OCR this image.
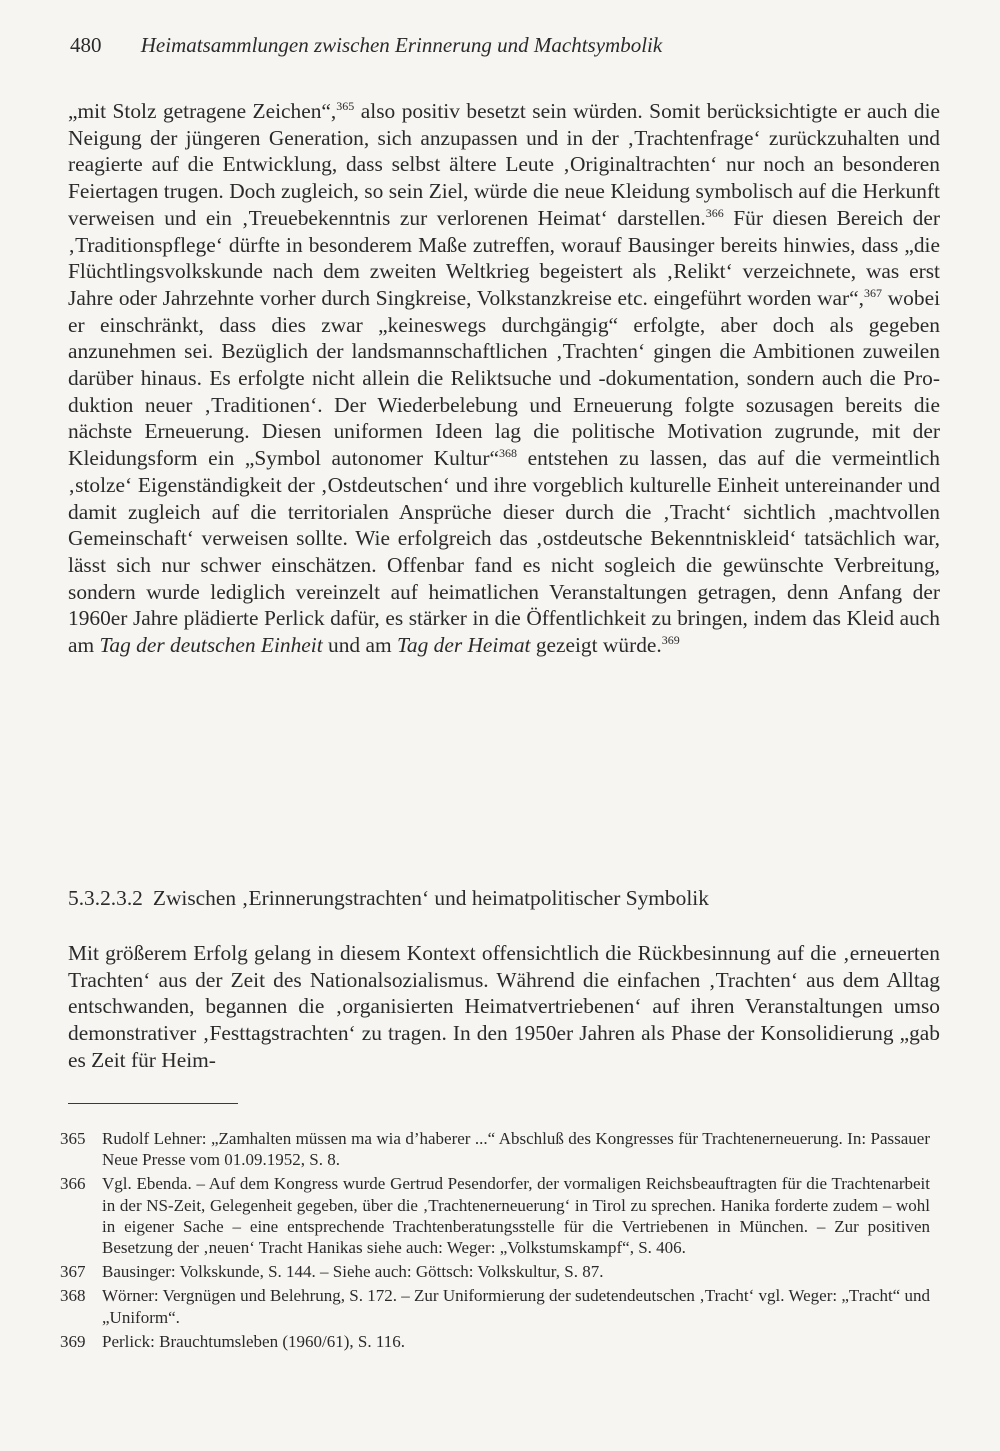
480 Heimatsammlungen zwischen Erinnerung und Machtsymbolik

„mit Stolz getragene Zeichen“,$^{365}$ also positiv besetzt sein würden. Somit berücksichtigte er auch die Neigung der jüngeren Generation, sich anzupassen und in der ‚Trachtenfrage‘ zurückzuhalten und reagierte auf die Entwicklung, dass selbst ältere Leute ‚Originaltrachten‘ nur noch an besonderen Feiertagen trugen. Doch zugleich, so sein Ziel, würde die neue Kleidung symbolisch auf die Herkunft verweisen und ein ‚Treuebekenntnis zur verlorenen Heimat‘ darstellen.$^{366}$ Für diesen Bereich der ‚Traditionspflege‘ dürfte in besonderem Maße zutreffen, worauf Bausinger bereits hinwies, dass „die Flüchtlingsvolkskunde nach dem zweiten Weltkrieg begeistert als ‚Relikt‘ verzeichnete, was erst Jahre oder Jahrzehnte vorher durch Singkreise, Volkstanzkreise etc. eingeführt worden war“,$^{367}$ wobei er einschränkt, dass dies zwar „keineswegs durchgängig“ erfolgte, aber doch als gegeben anzunehmen sei. Bezüglich der landsmannschaftlichen ‚Trachten‘ gingen die Ambitionen zuweilen darüber hinaus. Es erfolgte nicht allein die Reliktsuche und -dokumentation, sondern auch die Produktion neuer ‚Traditionen‘. Der Wiederbelebung und Erneuerung folgte sozusagen bereits die nächste Erneuerung. Diesen uniformen Ideen lag die politische Motivation zugrunde, mit der Kleidungsform ein „Symbol autonomer Kultur“$^{368}$ entstehen zu lassen, das auf die vermeintlich ‚stolze‘ Eigenständigkeit der ‚Ostdeutschen‘ und ihre vorgeblich kulturelle Einheit untereinander und damit zugleich auf die territorialen Ansprüche dieser durch die ‚Tracht‘ sichtlich ‚machtvollen Gemeinschaft‘ verweisen sollte. Wie erfolgreich das ‚ostdeutsche Bekenntniskleid‘ tatsächlich war, lässt sich nur schwer einschätzen. Offenbar fand es nicht sogleich die gewünschte Verbreitung, sondern wurde lediglich vereinzelt auf heimatlichen Veranstaltungen getragen, denn Anfang der 1960er Jahre plädierte Perlick dafür, es stärker in die Öffentlichkeit zu bringen, indem das Kleid auch am Tag der deutschen Einheit und am Tag der Heimat gezeigt würde.$^{369}$

5.3.2.3.2 Zwischen ‚Erinnerungstrachten‘ und heimatpolitischer Symbolik

Mit größerem Erfolg gelang in diesem Kontext offensichtlich die Rückbesinnung auf die ‚erneuerten Trachten‘ aus der Zeit des Nationalsozialismus. Während die einfachen ‚Trachten‘ aus dem Alltag entschwanden, begannen die ‚organisierten Heimatvertriebenen‘ auf ihren Veranstaltungen umso demonstrativer ‚Festtagstrachten‘ zu tragen. In den 1950er Jahren als Phase der Konsolidierung „gab es Zeit für Heim-

365 Rudolf Lehner: „Zamhalten müssen ma wia d’haberer ...“ Abschluß des Kongresses für Trachtenerneuerung. In: Passauer Neue Presse vom 01.09.1952, S. 8.
366 Vgl. Ebenda. – Auf dem Kongress wurde Gertrud Pesendorfer, der vormaligen Reichsbeauftragten für die Trachtenarbeit in der NS-Zeit, Gelegenheit gegeben, über die ‚Trachtenerneuerung‘ in Tirol zu sprechen. Hanika forderte zudem – wohl in eigener Sache – eine entsprechende Trachtenberatungsstelle für die Vertriebenen in München. – Zur positiven Besetzung der ‚neuen‘ Tracht Hanikas siehe auch: Weger: „Volkstumskampf“, S. 406.
367 Bausinger: Volkskunde, S. 144. – Siehe auch: Göttsch: Volkskultur, S. 87.
368 Wörner: Vergnügen und Belehrung, S. 172. – Zur Uniformierung der sudetendeutschen ‚Tracht‘ vgl. Weger: „Tracht“ und „Uniform“.
369 Perlick: Brauchtumsleben (1960/61), S. 116.
